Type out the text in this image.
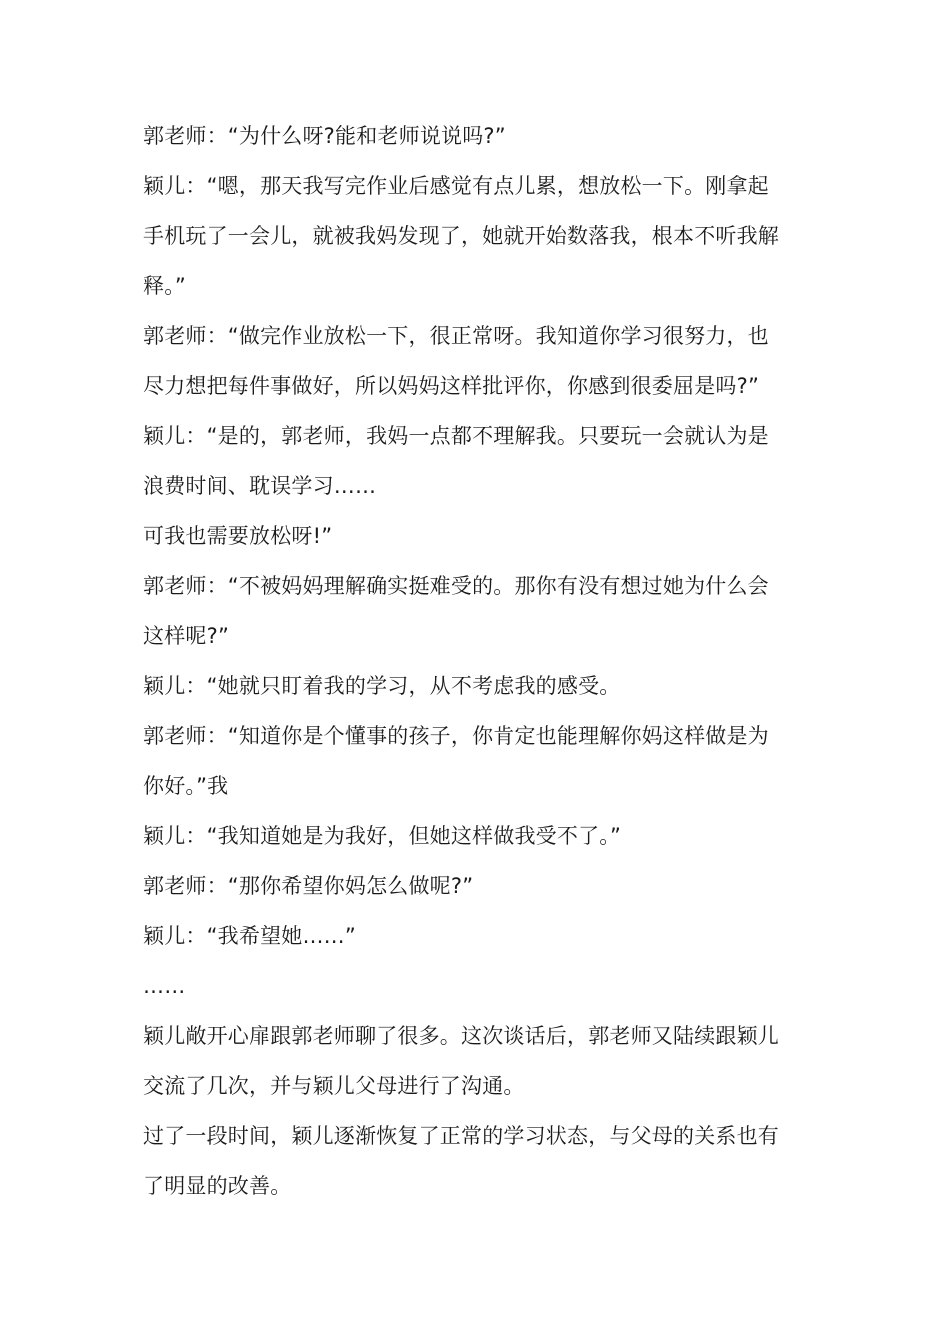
郭老师：“为什么呀?能和老师说说吗?”
颖儿：“嗯，那天我写完作业后感觉有点儿累，想放松一下。刚拿起
手机玩了一会儿，就被我妈发现了，她就开始数落我，根本不听我解
释。”
郭老师：“做完作业放松一下，很正常呀。我知道你学习很努力，也
尽力想把每件事做好，所以妈妈这样批评你，你感到很委屈是吗?”
颖儿：“是的，郭老师，我妈一点都不理解我。只要玩一会就认为是
浪费时间、耽误学习……
可我也需要放松呀!”
郭老师：“不被妈妈理解确实挺难受的。那你有没有想过她为什么会
这样呢?”
颖儿：“她就只盯着我的学习，从不考虑我的感受。
郭老师：“知道你是个懂事的孩子，你肯定也能理解你妈这样做是为
你好。”我
颖儿：“我知道她是为我好，但她这样做我受不了。”
郭老师：“那你希望你妈怎么做呢?”
颖儿：“我希望她……”
……
颖儿敞开心扉跟郭老师聊了很多。这次谈话后，郭老师又陆续跟颖儿
交流了几次，并与颖儿父母进行了沟通。
过了一段时间，颖儿逐渐恢复了正常的学习状态，与父母的关系也有
了明显的改善。
